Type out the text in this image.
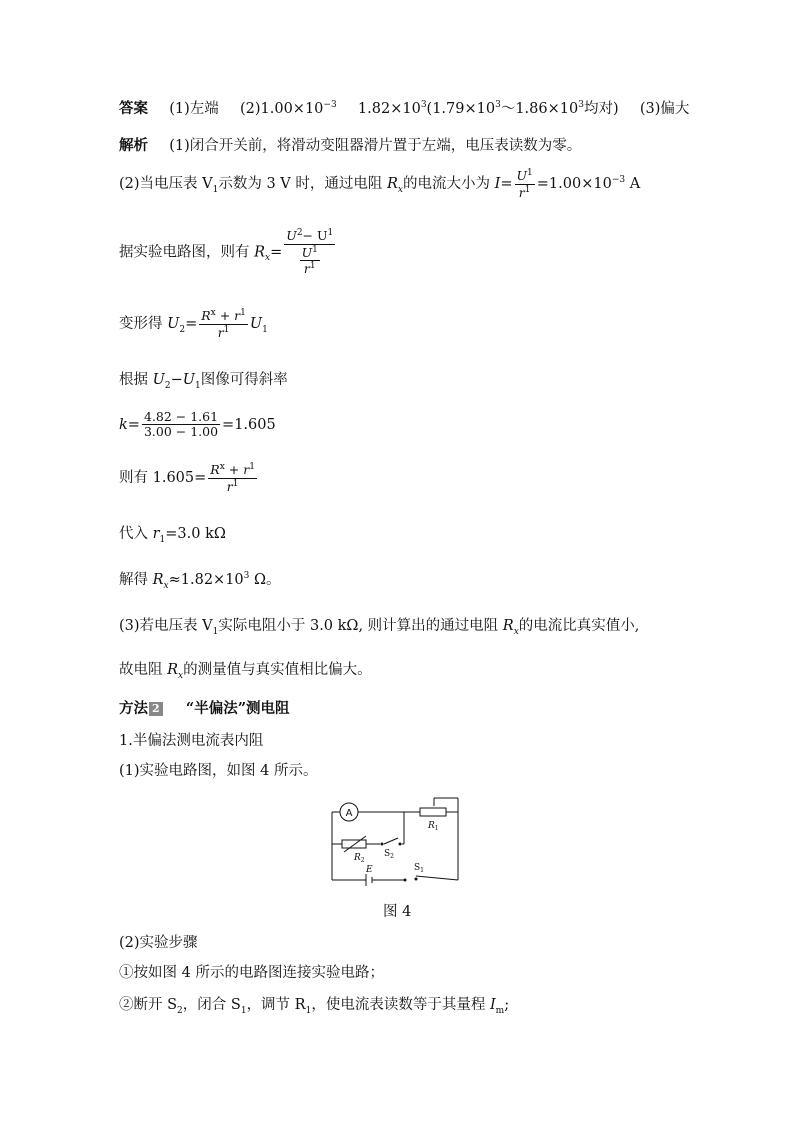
答案 (1)左端 $(2)1.00\times 10^{-3}$ $1.82\times 10^3(1.79\times 10^3\sim 1.86\times 10^3$均对) (3)偏大
解析 (1)闭合开关前，将滑动变阻器滑片置于左端，电压表读数为零。
(2)当电压表 $V_1$示数为 3 V 时，通过电阻 $R_x$的电流大小为 $I= \frac{U^1}{r^1} =1.00\times 10^{-3}$ A
据实验电路图，则有 $R_x= \frac{U^2- U^1}{\frac{U^1}{r^1}}$
变形得 $U_2= \frac{R^x + r^1}{r^1} U_1$
根据 $U_2-U_1$图像可得斜率
$k= \frac{4.82 - 1.61}{3.00 - 1.00} =1.605$
则有 $1.605= \frac{R^x + r^1}{r^1}$
代入 $r_1=3.0$ kΩ
解得 $R_x\approx 1.82\times 10^3$ Ω。
(3)若电压表 $V_1$实际电阻小于 3.0 kΩ, 则计算出的通过电阻 $R_x$的电流比真实值小,
故电阻 $R_x$的测量值与真实值相比偏大。
方法 2 “半偏法”测电阻
1.半偏法测电流表内阻
(1)实验电路图，如图 4 所示。
A
$R_1$
$R_2$
$S_2$
E	$S_1$
图 4
(2)实验步骤
①按如图 4 所示的电路图连接实验电路；
②断开 $S_2$，闭合 $S_1$，调节 $R_1$，使电流表读数等于其量程 $I_m$;
